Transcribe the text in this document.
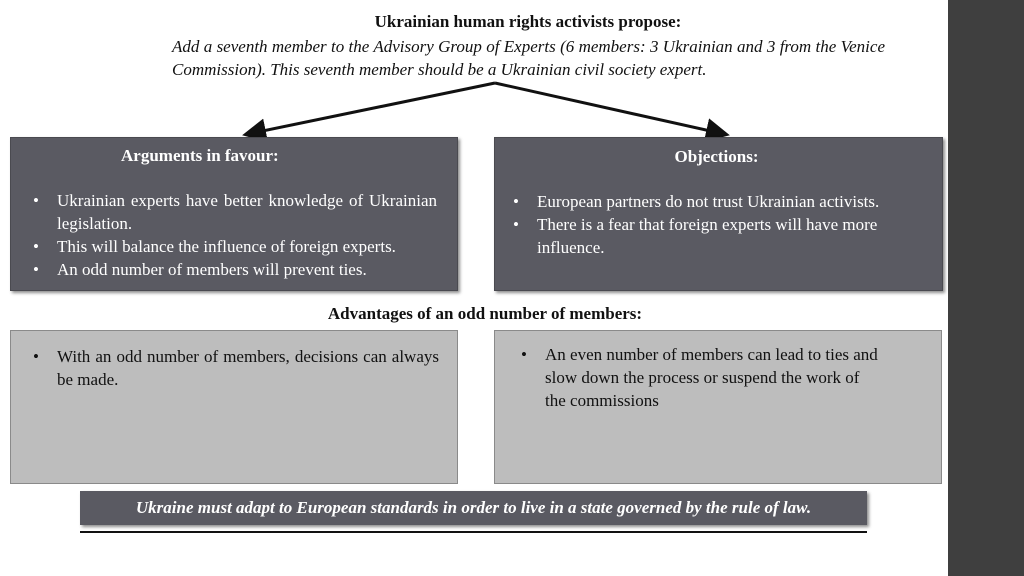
Ukrainian human rights activists propose:
Add a seventh member to the Advisory Group of Experts (6 members: 3 Ukrainian and 3 from the Venice Commission). This seventh member should be a Ukrainian civil society expert.
Arguments in favour:
• Ukrainian experts have better knowledge of Ukrainian legislation.
• This will balance the influence of foreign experts.
• An odd number of members will prevent ties.
Objections:
• European partners do not trust Ukrainian activists.
• There is a fear that foreign experts will have more influence.
Advantages of an odd number of members:
• With an odd number of members, decisions can always be made.
• An even number of members can lead to ties and slow down the process or suspend the work of the commissions
Ukraine must adapt to European standards in order to live in a state governed by the rule of law.
